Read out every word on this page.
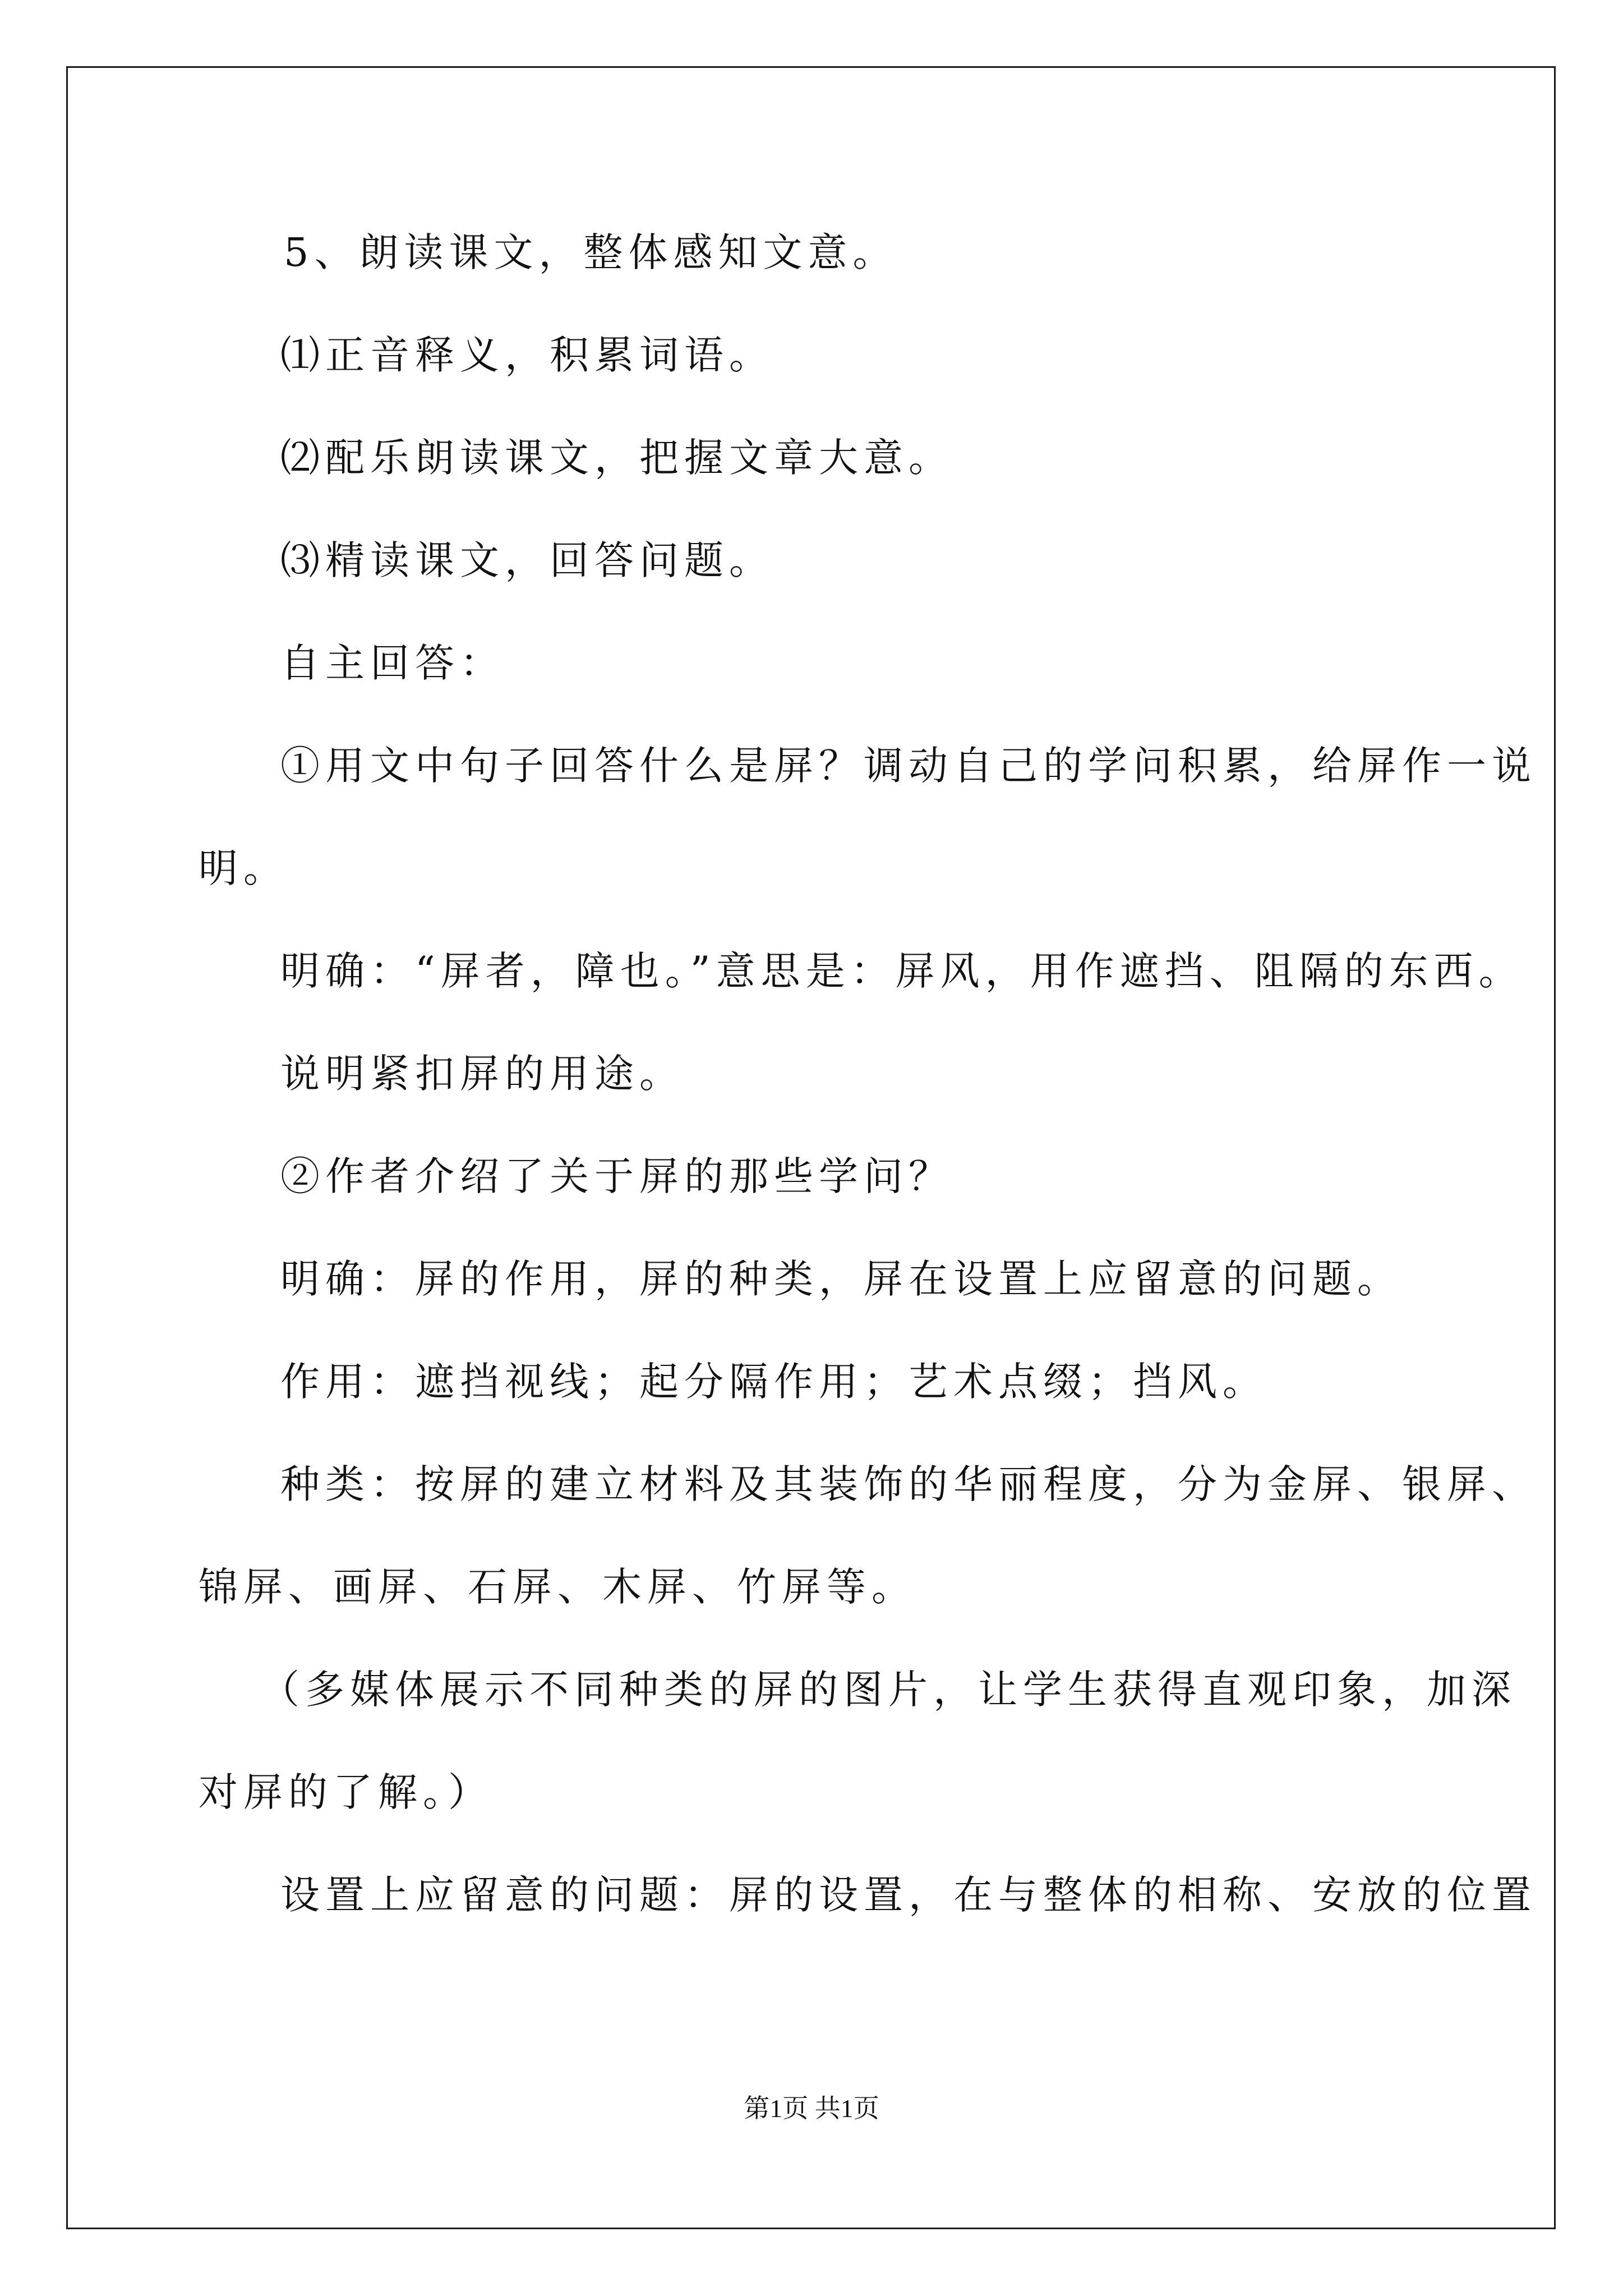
5、朗读课文，整体感知文意。
⑴正音释义，积累词语。
⑵配乐朗读课文，把握文章大意。
⑶精读课文，回答问题。
自主回答：
①用文中句子回答什么是屏？调动自己的学问积累，给屏作一说
明。
明确：“屏者，障也。”意思是：屏风，用作遮挡、阻隔的东西。
说明紧扣屏的用途。
②作者介绍了关于屏的那些学问？
明确：屏的作用，屏的种类，屏在设置上应留意的问题。
作用：遮挡视线；起分隔作用；艺术点缀；挡风。
种类：按屏的建立材料及其装饰的华丽程度，分为金屏、银屏、
锦屏、画屏、石屏、木屏、竹屏等。
（多媒体展示不同种类的屏的图片，让学生获得直观印象，加深
对屏的了解。）
设置上应留意的问题：屏的设置，在与整体的相称、安放的位置
第1页 共1页
